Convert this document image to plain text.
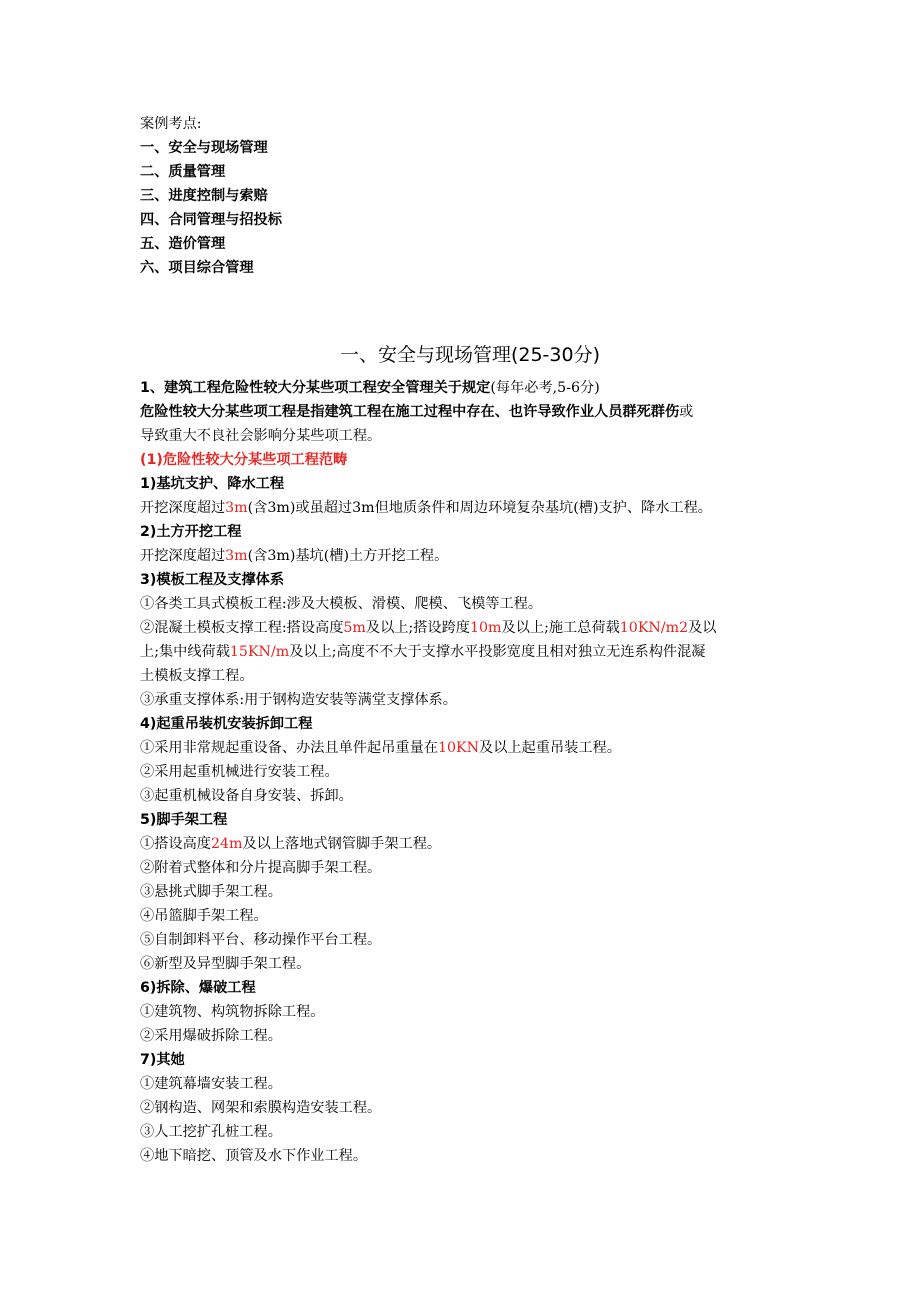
案例考点:
一、安全与现场管理
二、质量管理
三、进度控制与索赔
四、合同管理与招投标
五、造价管理
六、项目综合管理
一、安全与现场管理(25-30分)
1、建筑工程危险性较大分某些项工程安全管理关于规定(每年必考,5-6分)
危险性较大分某些项工程是指建筑工程在施工过程中存在、也许导致作业人员群死群伤或
导致重大不良社会影响分某些项工程。
(1)危险性较大分某些项工程范畴
1)基坑支护、降水工程
开挖深度超过3m(含3m)或虽超过3m但地质条件和周边环境复杂基坑(槽)支护、降水工程。
2)土方开挖工程
开挖深度超过3m(含3m)基坑(槽)土方开挖工程。
3)模板工程及支撑体系
①各类工具式模板工程:涉及大模板、滑模、爬模、飞模等工程。
②混凝土模板支撑工程:搭设高度5m及以上;搭设跨度10m及以上;施工总荷载10KN/m2及以
上;集中线荷载15KN/m及以上;高度不不大于支撑水平投影宽度且相对独立无连系构件混凝
土模板支撑工程。
③承重支撑体系:用于钢构造安装等满堂支撑体系。
4)起重吊装机安装拆卸工程
①采用非常规起重设备、办法且单件起吊重量在10KN及以上起重吊装工程。
②采用起重机械进行安装工程。
③起重机械设备自身安装、拆卸。
5)脚手架工程
①搭设高度24m及以上落地式钢管脚手架工程。
②附着式整体和分片提高脚手架工程。
③悬挑式脚手架工程。
④吊篮脚手架工程。
⑤自制卸料平台、移动操作平台工程。
⑥新型及异型脚手架工程。
6)拆除、爆破工程
①建筑物、构筑物拆除工程。
②采用爆破拆除工程。
7)其她
①建筑幕墙安装工程。
②钢构造、网架和索膜构造安装工程。
③人工挖扩孔桩工程。
④地下暗挖、顶管及水下作业工程。
